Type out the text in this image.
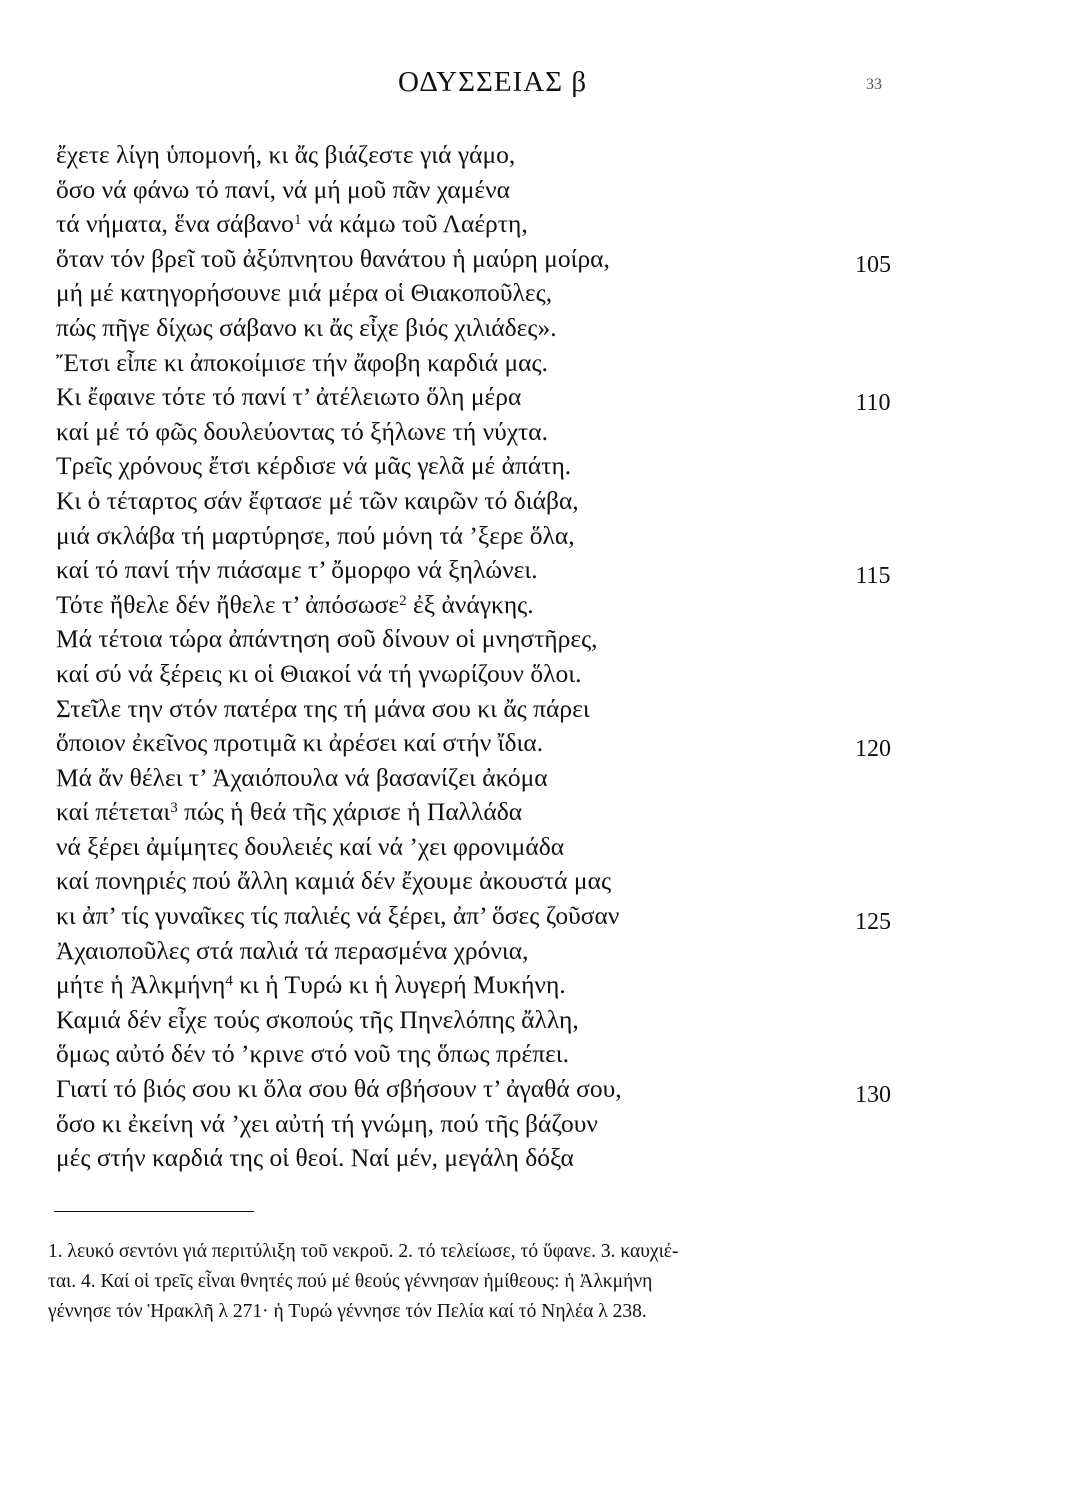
ΟΔΥΣΣΕΙΑΣ β	33
ἔχετε λίγη ὑπομονή, κι ἄς βιάζεστε γιά γάμο,
ὅσο νά φάνω τό πανί, νά μή μοῦ πᾶν χαμένα
τά νήματα, ἕνα σάβανο$^1$ νά κάμω τοῦ Λαέρτη,
ὅταν τόν βρεῖ τοῦ ἀξύπνητου θανάτου ἡ μαύρη μοίρα,	105
μή μέ κατηγορήσουνε μιά μέρα οἱ Θιακοποῦλες,
πώς πῆγε δίχως σάβανο κι ἄς εἶχε βιός χιλιάδες».
Ἔτσι εἶπε κι ἀποκοίμισε τήν ἄφοβη καρδιά μας.
Κι ἔφαινε τότε τό πανί τ’ ἀτέλειωτο ὅλη μέρα	110
καί μέ τό φῶς δουλεύοντας τό ξήλωνε τή νύχτα.
Τρεῖς χρόνους ἔτσι κέρδισε νά μᾶς γελᾶ μέ ἀπάτη.
Κι ὁ τέταρτος σάν ἔφτασε μέ τῶν καιρῶν τό διάβα,
μιά σκλάβα τή μαρτύρησε, πού μόνη τά ’ξερε ὅλα,
καί τό πανί τήν πιάσαμε τ’ ὄμορφο νά ξηλώνει.	115
Τότε ἤθελε δέν ἤθελε τ’ ἀπόσωσε$^2$ ἐξ ἀνάγκης.
Μά τέτοια τώρα ἀπάντηση σοῦ δίνουν οἱ μνηστῆρες,
καί σύ νά ξέρεις κι οἱ Θιακοί νά τή γνωρίζουν ὅλοι.
Στεῖλε την στόν πατέρα της τή μάνα σου κι ἄς πάρει
ὅποιον ἐκεῖνος προτιμᾶ κι ἀρέσει καί στήν ἴδια.	120
Μά ἄν θέλει τ’ Ἀχαιόπουλα νά βασανίζει ἀκόμα
καί πέτεται$^3$ πώς ἡ θεά τῆς χάρισε ἡ Παλλάδα
νά ξέρει ἀμίμητες δουλειές καί νά ’χει φρονιμάδα
καί πονηριές πού ἄλλη καμιά δέν ἔχουμε ἀκουστά μας
κι ἀπ’ τίς γυναῖκες τίς παλιές νά ξέρει, ἀπ’ ὅσες ζοῦσαν	125
Ἀχαιοποῦλες στά παλιά τά περασμένα χρόνια,
μήτε ἡ Ἀλκμήνη$^4$ κι ἡ Τυρώ κι ἡ λυγερή Μυκήνη.
Καμιά δέν εἶχε τούς σκοπούς τῆς Πηνελόπης ἄλλη,
ὅμως αὐτό δέν τό ’κρινε στό νοῦ της ὅπως πρέπει.
Γιατί τό βιός σου κι ὅλα σου θά σβήσουν τ’ ἀγαθά σου,	130
ὅσο κι ἐκείνη νά ’χει αὐτή τή γνώμη, πού τῆς βάζουν
μές στήν καρδιά της οἱ θεοί. Ναί μέν, μεγάλη δόξα
1. λευκό σεντόνι γιά περιτύλιξη τοῦ νεκροῦ. 2. τό τελείωσε, τό ὕφανε. 3. καυχιέ-
ται. 4. Καί οἱ τρεῖς εἶναι θνητές πού μέ θεούς γέννησαν ἡμίθεους: ἡ Ἀλκμήνη
γέννησε τόν Ἡρακλῆ λ 271· ἡ Τυρώ γέννησε τόν Πελία καί τό Νηλέα λ 238.
